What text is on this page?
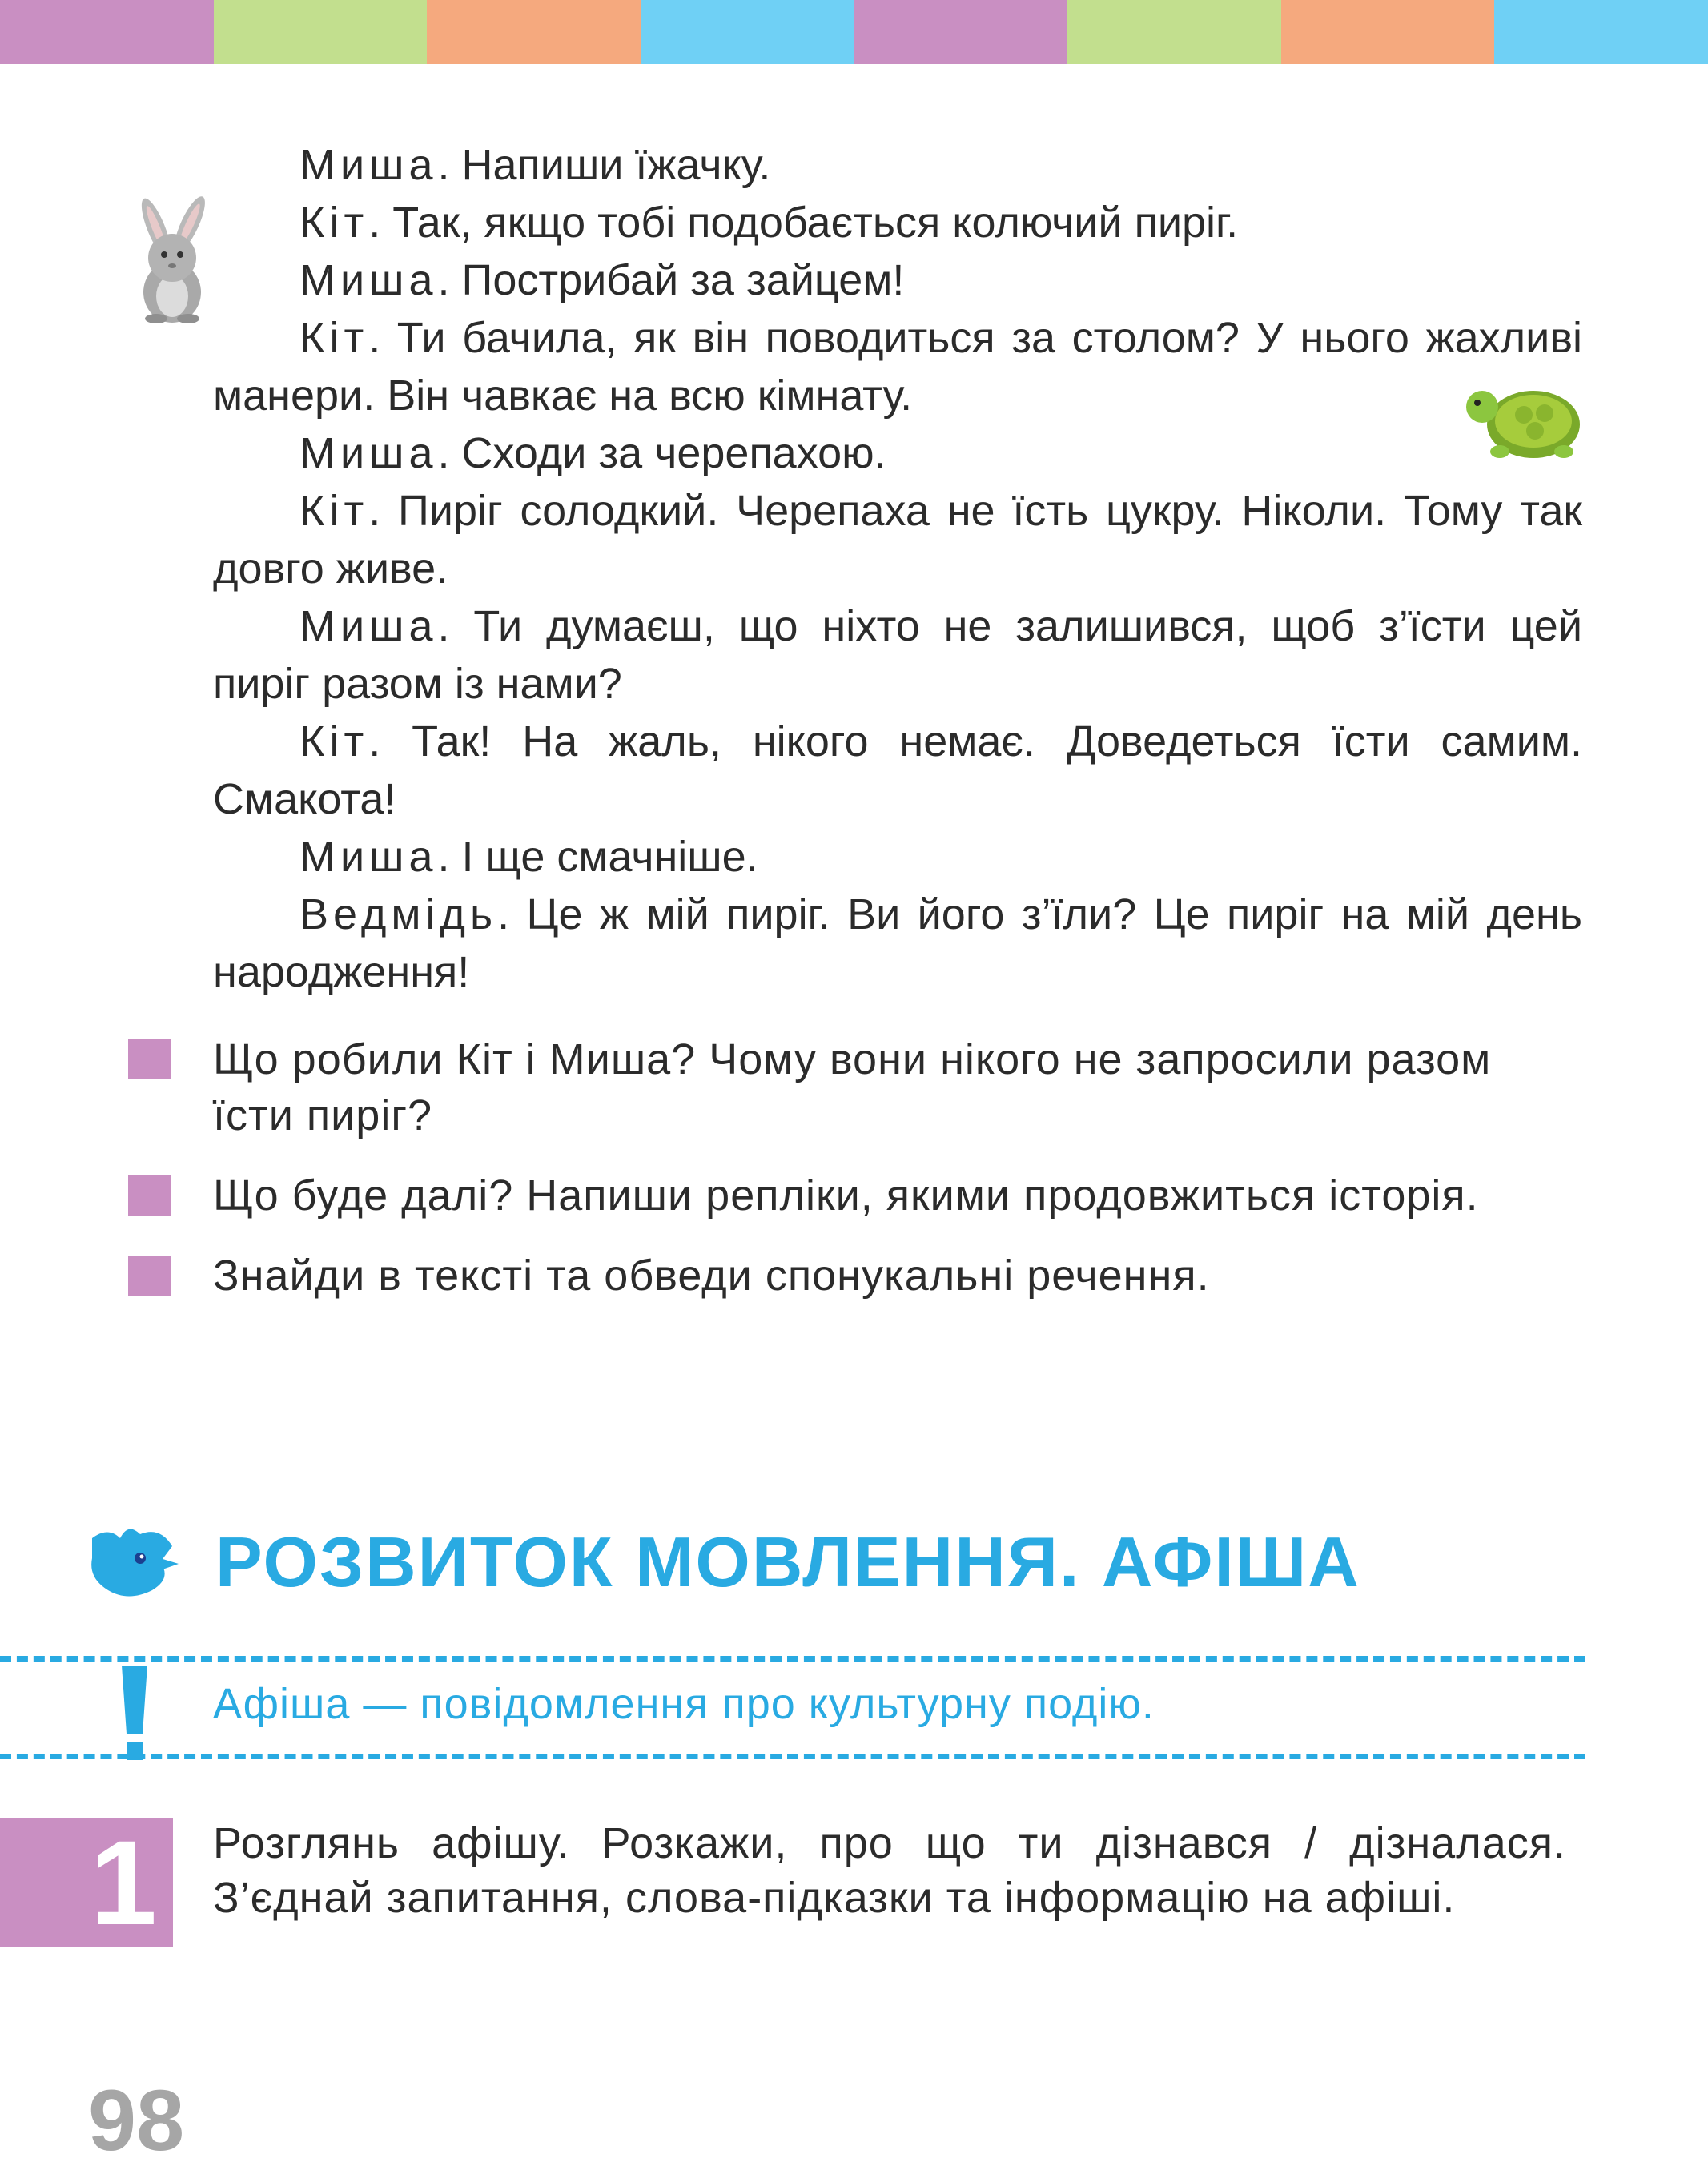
Миша. Напиши їжачку.

Кіт. Так, якщо тобі подобається колючий пиріг.

Миша. Пострибай за зайцем!

Кіт. Ти бачила, як він поводиться за столом? У нього жахливі манери. Він чавкає на всю кімнату.

Миша. Сходи за черепахою.

Кіт. Пиріг солодкий. Черепаха не їсть цукру. Ніколи. Тому так довго живе.

Миша. Ти думаєш, що ніхто не залишився, щоб з’їсти цей пиріг разом із нами?

Кіт. Так! На жаль, нікого немає. Доведеться їсти самим. Смакота!

Миша. І ще смачніше.

Ведмідь. Це ж мій пиріг. Ви його з’їли? Це пиріг на мій день народження!

Що робили Кіт і Миша? Чому вони нікого не запросили разом їсти пиріг?
Що буде далі? Напиши репліки, якими продовжиться історія.
Знайди в тексті та обведи спонукальні речення.
РОЗВИТОК МОВЛЕННЯ. АФІША
Афіша — повідомлення про культурну подію.
1 Розглянь афішу. Розкажи, про що ти дізнався / дізналася. З’єднай запитання, слова-підказки та інформацію на афіші.
98
